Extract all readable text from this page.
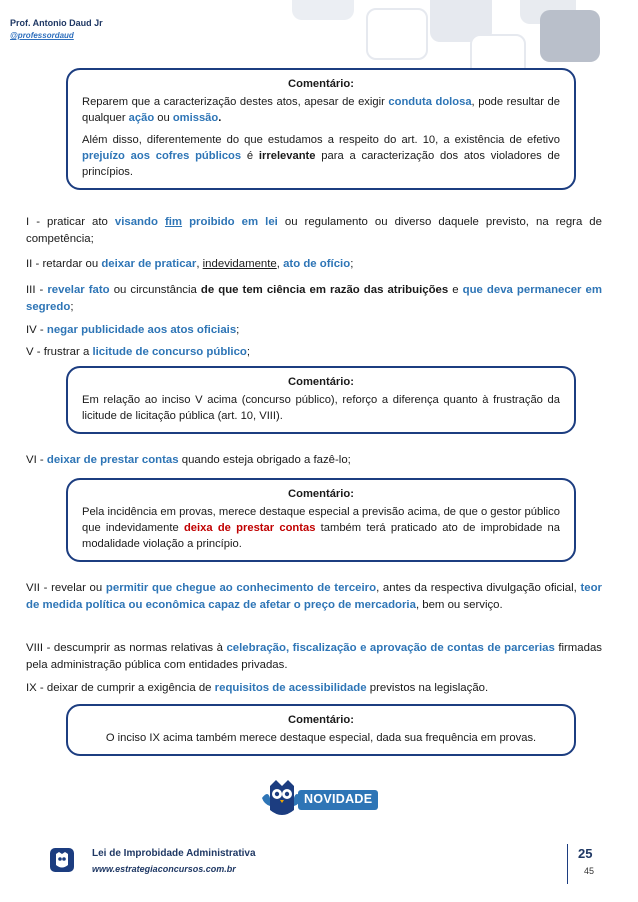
Prof. Antonio Daud Jr
@professordaud
Comentário:

Reparem que a caracterização destes atos, apesar de exigir conduta dolosa, pode resultar de qualquer ação ou omissão.

Além disso, diferentemente do que estudamos a respeito do art. 10, a existência de efetivo prejuízo aos cofres públicos é irrelevante para a caracterização dos atos violadores de princípios.

I - praticar ato visando fim proibido em lei ou regulamento ou diverso daquele previsto, na regra de competência;
II - retardar ou deixar de praticar, indevidamente, ato de ofício;
III - revelar fato ou circunstância de que tem ciência em razão das atribuições e que deva permanecer em segredo;
IV - negar publicidade aos atos oficiais;
V - frustrar a licitude de concurso público;
Comentário:

Em relação ao inciso V acima (concurso público), reforço a diferença quanto à frustração da licitude de licitação pública (art. 10, VIII).

VI - deixar de prestar contas quando esteja obrigado a fazê-lo;
Comentário:

Pela incidência em provas, merece destaque especial a previsão acima, de que o gestor público que indevidamente deixa de prestar contas também terá praticado ato de improbidade na modalidade violação a princípio.

VII - revelar ou permitir que chegue ao conhecimento de terceiro, antes da respectiva divulgação oficial, teor de medida política ou econômica capaz de afetar o preço de mercadoria, bem ou serviço.
VIII - descumprir as normas relativas à celebração, fiscalização e aprovação de contas de parcerias firmadas pela administração pública com entidades privadas.
IX - deixar de cumprir a exigência de requisitos de acessibilidade previstos na legislação.
Comentário:

O inciso IX acima também merece destaque especial, dada sua frequência em provas.

NOVIDADE
Lei de Improbidade Administrativa
www.estrategiaconcursos.com.br
25
45
